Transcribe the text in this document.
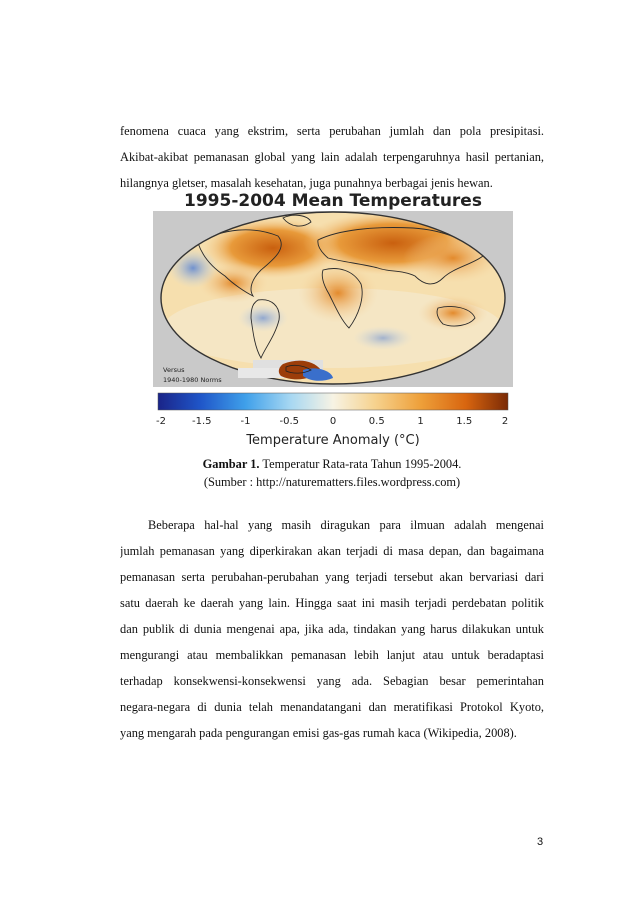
fenomena cuaca yang ekstrim, serta perubahan jumlah dan pola presipitasi.
Akibat-akibat pemanasan global yang lain adalah terpengaruhnya hasil pertanian,
hilangnya gletser, masalah kesehatan, juga punahnya berbagai jenis hewan.
1995-2004 Mean Temperatures
Versus
1940-1980 Norms
-2	-1.5	-1	-0.5	0	0.5	1	1.5	2
Temperature Anomaly (°C)
Gambar 1. Temperatur Rata-rata Tahun 1995-2004.
(Sumber : http://naturematters.files.wordpress.com)
Beberapa hal-hal yang masih diragukan para ilmuan adalah mengenai
jumlah pemanasan yang diperkirakan akan terjadi di masa depan, dan bagaimana
pemanasan serta perubahan-perubahan yang terjadi tersebut akan bervariasi dari
satu daerah ke daerah yang lain. Hingga saat ini masih terjadi perdebatan politik
dan publik di dunia mengenai apa, jika ada, tindakan yang harus dilakukan untuk
mengurangi atau membalikkan pemanasan lebih lanjut atau untuk beradaptasi
terhadap konsekwensi-konsekwensi yang ada. Sebagian besar pemerintahan
negara-negara di dunia telah menandatangani dan meratifikasi Protokol Kyoto,
yang mengarah pada pengurangan emisi gas-gas rumah kaca (Wikipedia, 2008).
3
